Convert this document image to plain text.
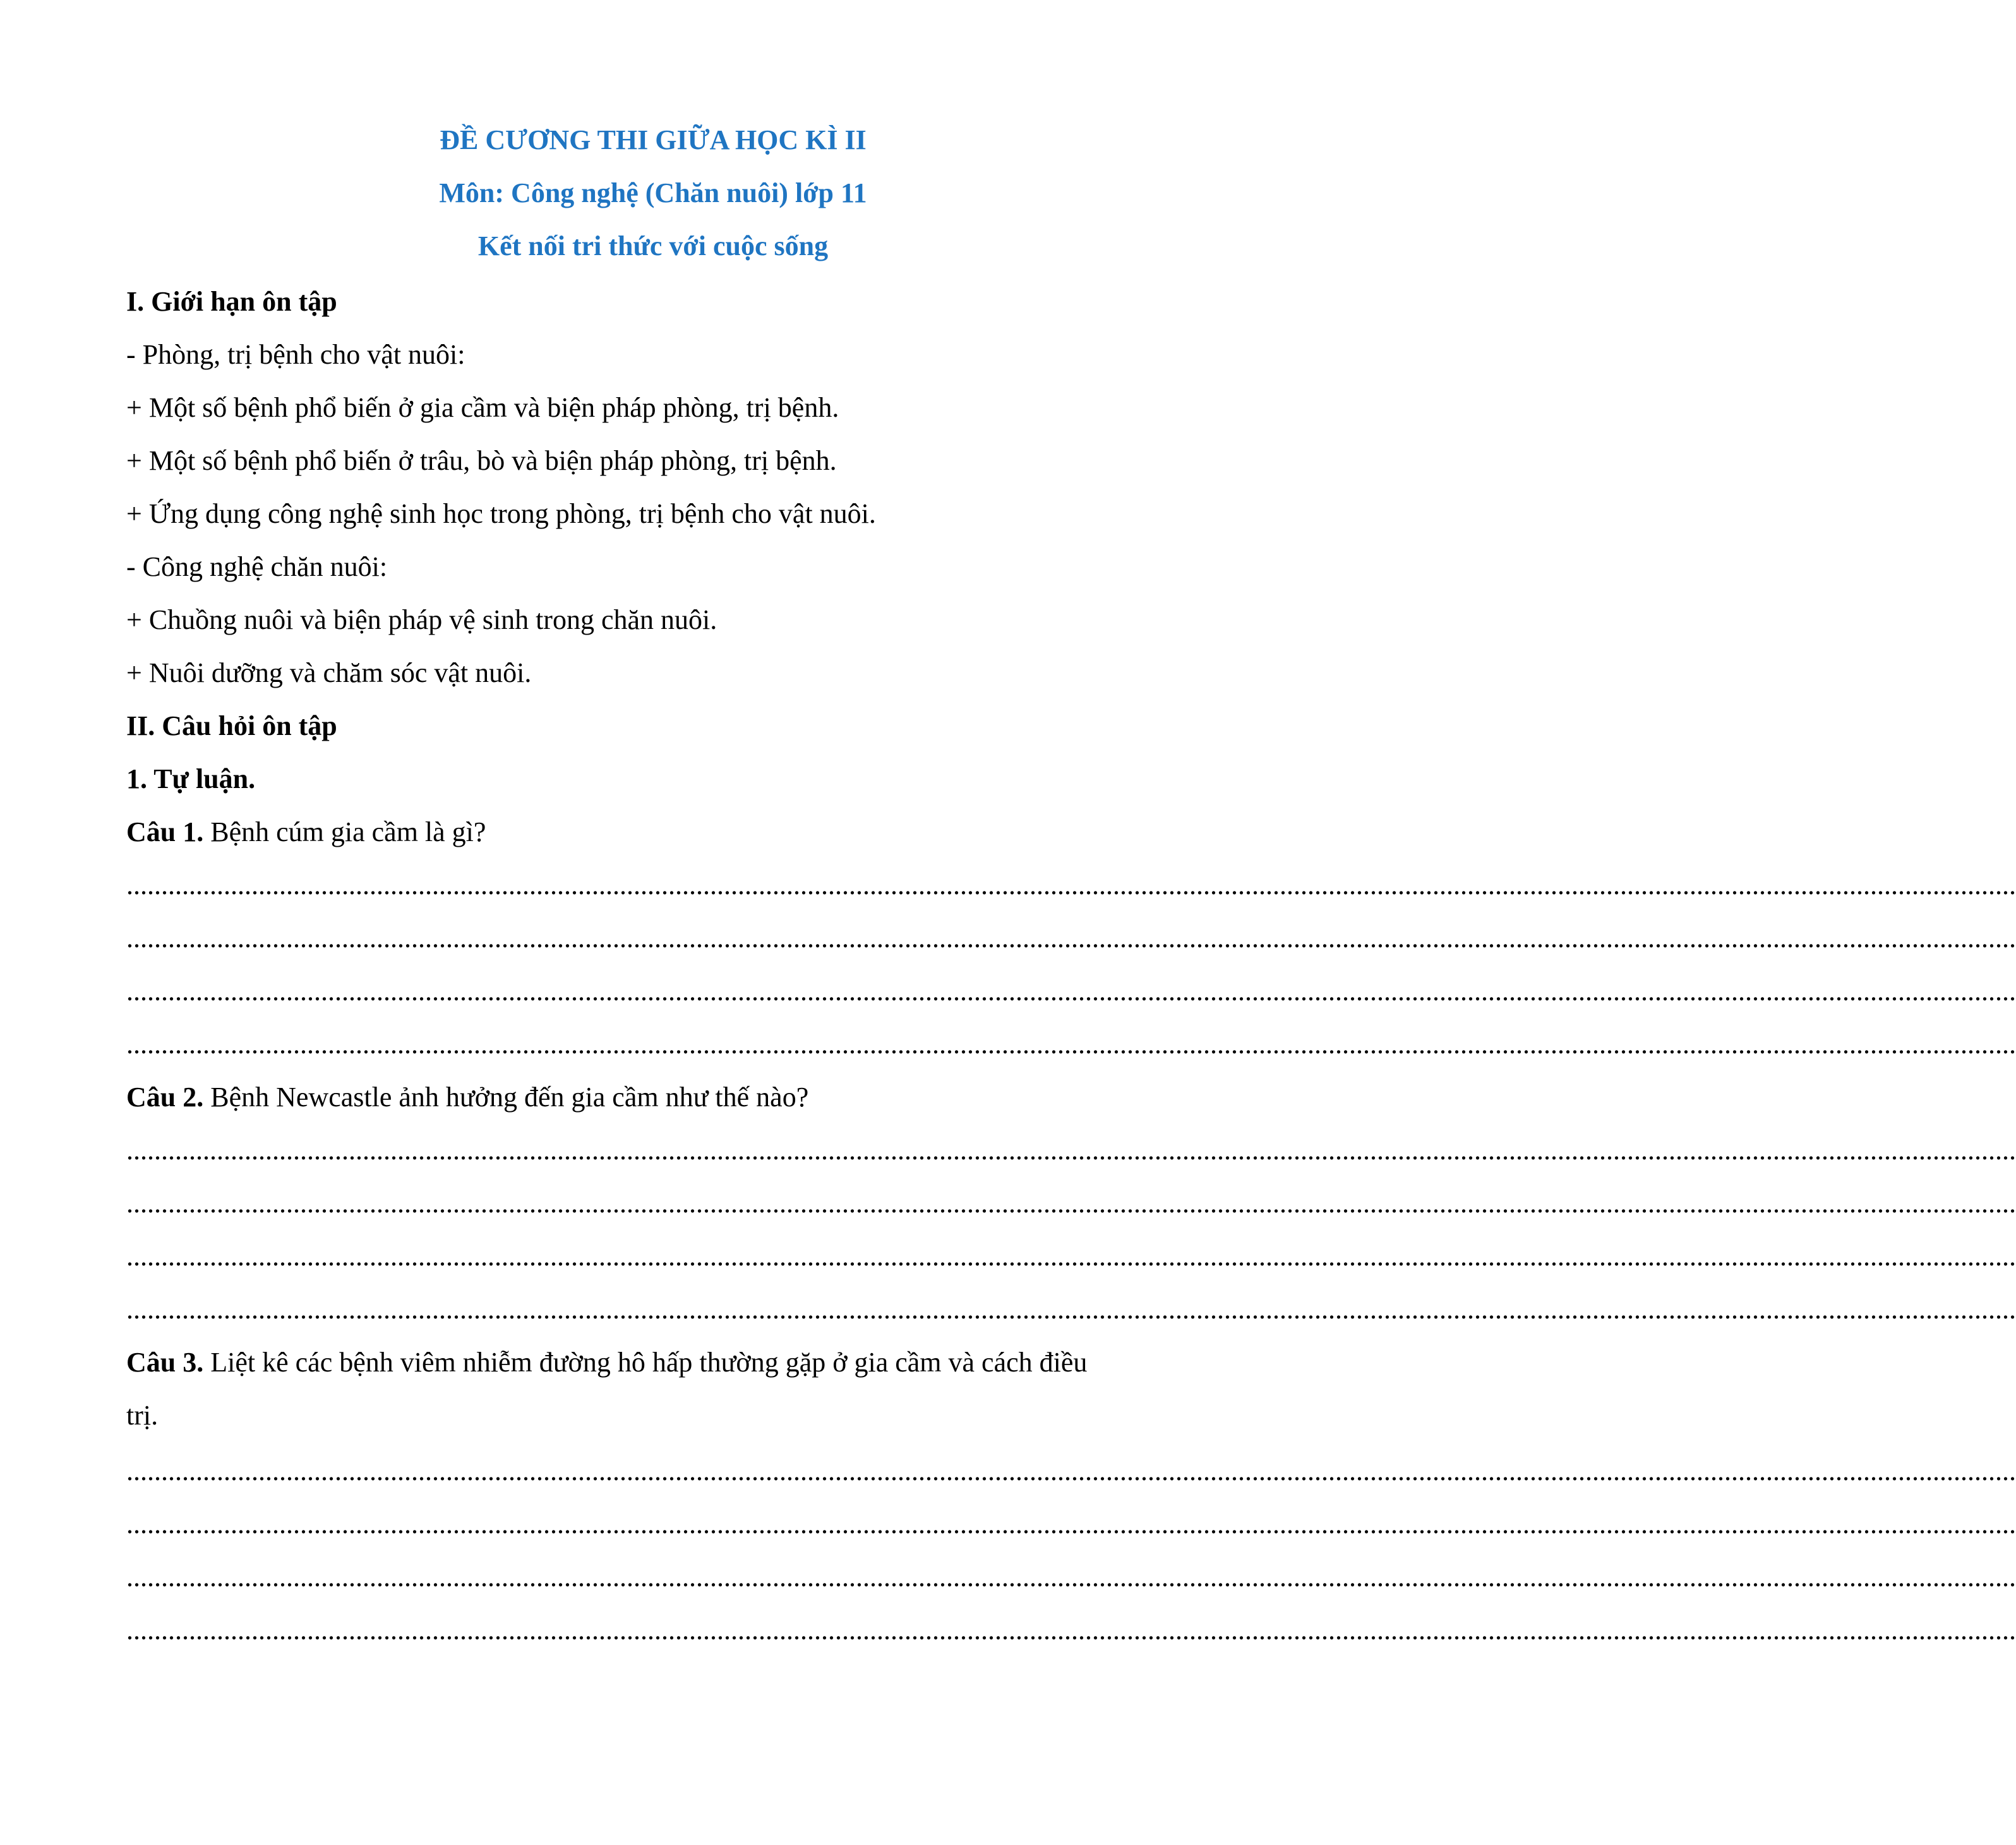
ĐỀ CƯƠNG THI GIỮA HỌC KÌ II
Môn: Công nghệ (Chăn nuôi) lớp 11
Kết nối tri thức với cuộc sống
I. Giới hạn ôn tập
- Phòng, trị bệnh cho vật nuôi:
+ Một số bệnh phổ biến ở gia cầm và biện pháp phòng, trị bệnh.
+ Một số bệnh phổ biến ở trâu, bò và biện pháp phòng, trị bệnh.
+ Ứng dụng công nghệ sinh học trong phòng, trị bệnh cho vật nuôi.
- Công nghệ chăn nuôi:
+ Chuồng nuôi và biện pháp vệ sinh trong chăn nuôi.
+ Nuôi dưỡng và chăm sóc vật nuôi.
II. Câu hỏi ôn tập
1. Tự luận.
Câu 1. Bệnh cúm gia cầm là gì?
................................................................................................................................................................................................................................................................................
................................................................................................................................................................................................................................................................................
................................................................................................................................................................................................................................................................................
................................................................................................................................................................................................................................................................................
Câu 2. Bệnh Newcastle ảnh hưởng đến gia cầm như thế nào?
................................................................................................................................................................................................................................................................................
................................................................................................................................................................................................................................................................................
................................................................................................................................................................................................................................................................................
................................................................................................................................................................................................................................................................................
Câu 3. Liệt kê các bệnh viêm nhiễm đường hô hấp thường gặp ở gia cầm và cách điều
trị.
................................................................................................................................................................................................................................................................................
................................................................................................................................................................................................................................................................................
................................................................................................................................................................................................................................................................................
................................................................................................................................................................................................................................................................................
